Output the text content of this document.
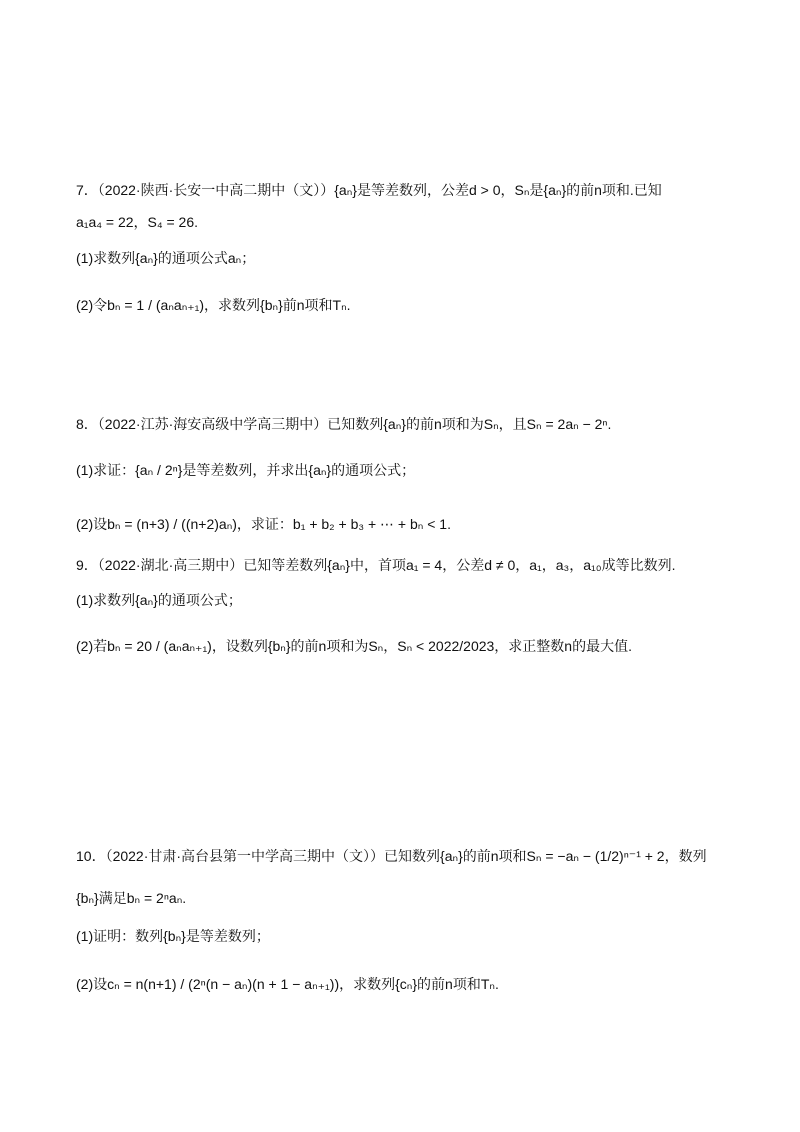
7．（2022·陕西·长安一中高二期中（文））{aₙ}是等差数列，公差d > 0，Sₙ是{aₙ}的前n项和.已知
a₁a₄ = 22，S₄ = 26.
(1)求数列{aₙ}的通项公式aₙ；
(2)令bₙ = 1 / (aₙaₙ₊₁)，求数列{bₙ}前n项和Tₙ.
8．（2022·江苏·海安高级中学高三期中）已知数列{aₙ}的前n项和为Sₙ，且Sₙ = 2aₙ − 2ⁿ.
(1)求证：{aₙ / 2ⁿ}是等差数列，并求出{aₙ}的通项公式；
(2)设bₙ = (n+3) / ((n+2)aₙ)，求证：b₁ + b₂ + b₃ + ⋯ + bₙ < 1.
9．（2022·湖北·高三期中）已知等差数列{aₙ}中，首项a₁ = 4，公差d ≠ 0，a₁，a₃，a₁₀成等比数列.
(1)求数列{aₙ}的通项公式；
(2)若bₙ = 20 / (aₙaₙ₊₁)，设数列{bₙ}的前n项和为Sₙ，Sₙ < 2022/2023，求正整数n的最大值.
10．（2022·甘肃·高台县第一中学高三期中（文））已知数列{aₙ}的前n项和Sₙ = −aₙ − (1/2)ⁿ⁻¹ + 2，数列
{bₙ}满足bₙ = 2ⁿaₙ.
(1)证明：数列{bₙ}是等差数列；
(2)设cₙ = n(n+1) / (2ⁿ(n − aₙ)(n + 1 − aₙ₊₁))，求数列{cₙ}的前n项和Tₙ.
